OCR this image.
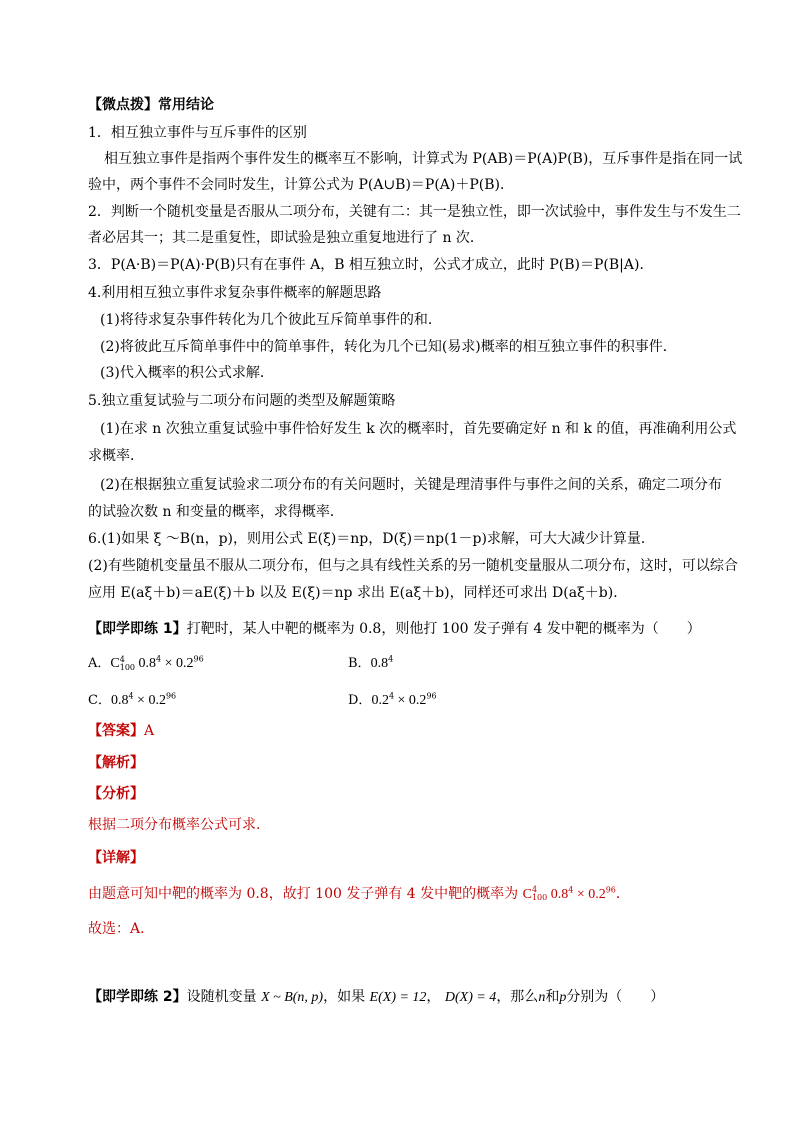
【微点拨】常用结论
1．相互独立事件与互斥事件的区别
相互独立事件是指两个事件发生的概率互不影响，计算式为 P(AB)＝P(A)P(B)，互斥事件是指在同一试
验中，两个事件不会同时发生，计算公式为 P(A∪B)＝P(A)＋P(B)．
2．判断一个随机变量是否服从二项分布，关键有二：其一是独立性，即一次试验中，事件发生与不发生二
者必居其一；其二是重复性，即试验是独立重复地进行了 n 次．
3．P(A·B)＝P(A)·P(B)只有在事件 A，B 相互独立时，公式才成立，此时 P(B)＝P(B|A)．
4.利用相互独立事件求复杂事件概率的解题思路
(1)将待求复杂事件转化为几个彼此互斥简单事件的和．
(2)将彼此互斥简单事件中的简单事件，转化为几个已知(易求)概率的相互独立事件的积事件．
(3)代入概率的积公式求解．
5.独立重复试验与二项分布问题的类型及解题策略
(1)在求 n 次独立重复试验中事件恰好发生 k 次的概率时，首先要确定好 n 和 k 的值，再准确利用公式
求概率．
(2)在根据独立重复试验求二项分布的有关问题时，关键是理清事件与事件之间的关系，确定二项分布
的试验次数 n 和变量的概率，求得概率．
6.(1)如果 ξ ～B(n，p)，则用公式 E(ξ)＝np，D(ξ)＝np(1－p)求解，可大大减少计算量．
(2)有些随机变量虽不服从二项分布，但与之具有线性关系的另一随机变量服从二项分布，这时，可以综合
应用 E(aξ＋b)＝aE(ξ)＋b 以及 E(ξ)＝np 求出 E(aξ＋b)，同样还可求出 D(aξ＋b)．
【即学即练 1】打靶时，某人中靶的概率为 0.8，则他打 100 发子弹有 4 发中靶的概率为（　　）
A．C 4
100 $0.8^4 \times 0.2^{96}$	B．$0.8^4$
C．$0.8^4 \times 0.2^{96}$	D．$0.2^4 \times 0.2^{96}$
【答案】A
【解析】
【分析】
根据二项分布概率公式可求.
【详解】
由题意可知中靶的概率为 0.8，故打 100 发子弹有 4 发中靶的概率为 C 4
100 $0.8^4 \times 0.2^{96}$．
故选：A.
【即学即练 2】设随机变量 X ~ B(n, p)，如果 E(X) = 12， D(X) = 4，那么n和p分别为（　　）
